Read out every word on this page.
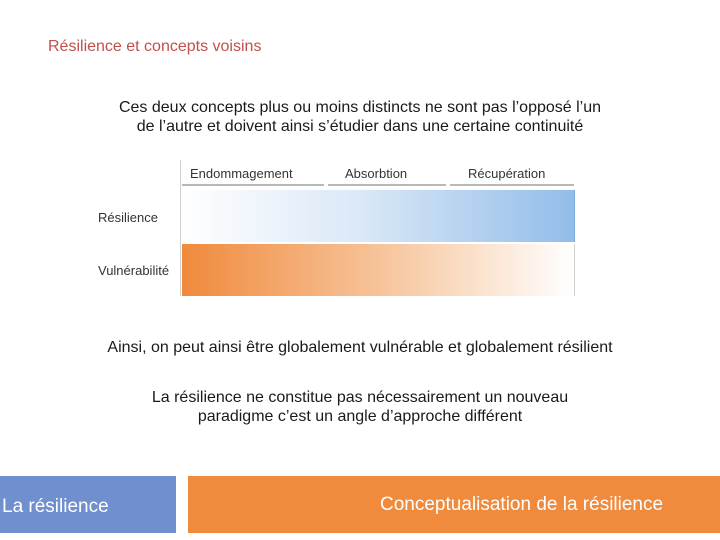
Résilience et concepts voisins
Ces deux concepts plus ou moins distincts ne sont pas l’opposé l’un
de l’autre et doivent ainsi s’étudier dans une certaine continuité
Endommagement	Absorbtion	Récupération
Résilience
Vulnérabilité
Ainsi, on peut ainsi être globalement vulnérable et globalement résilient
La résilience ne constitue pas nécessairement un nouveau
paradigme c’est un angle d’approche différent
La résilience	Conceptualisation de la résilience
